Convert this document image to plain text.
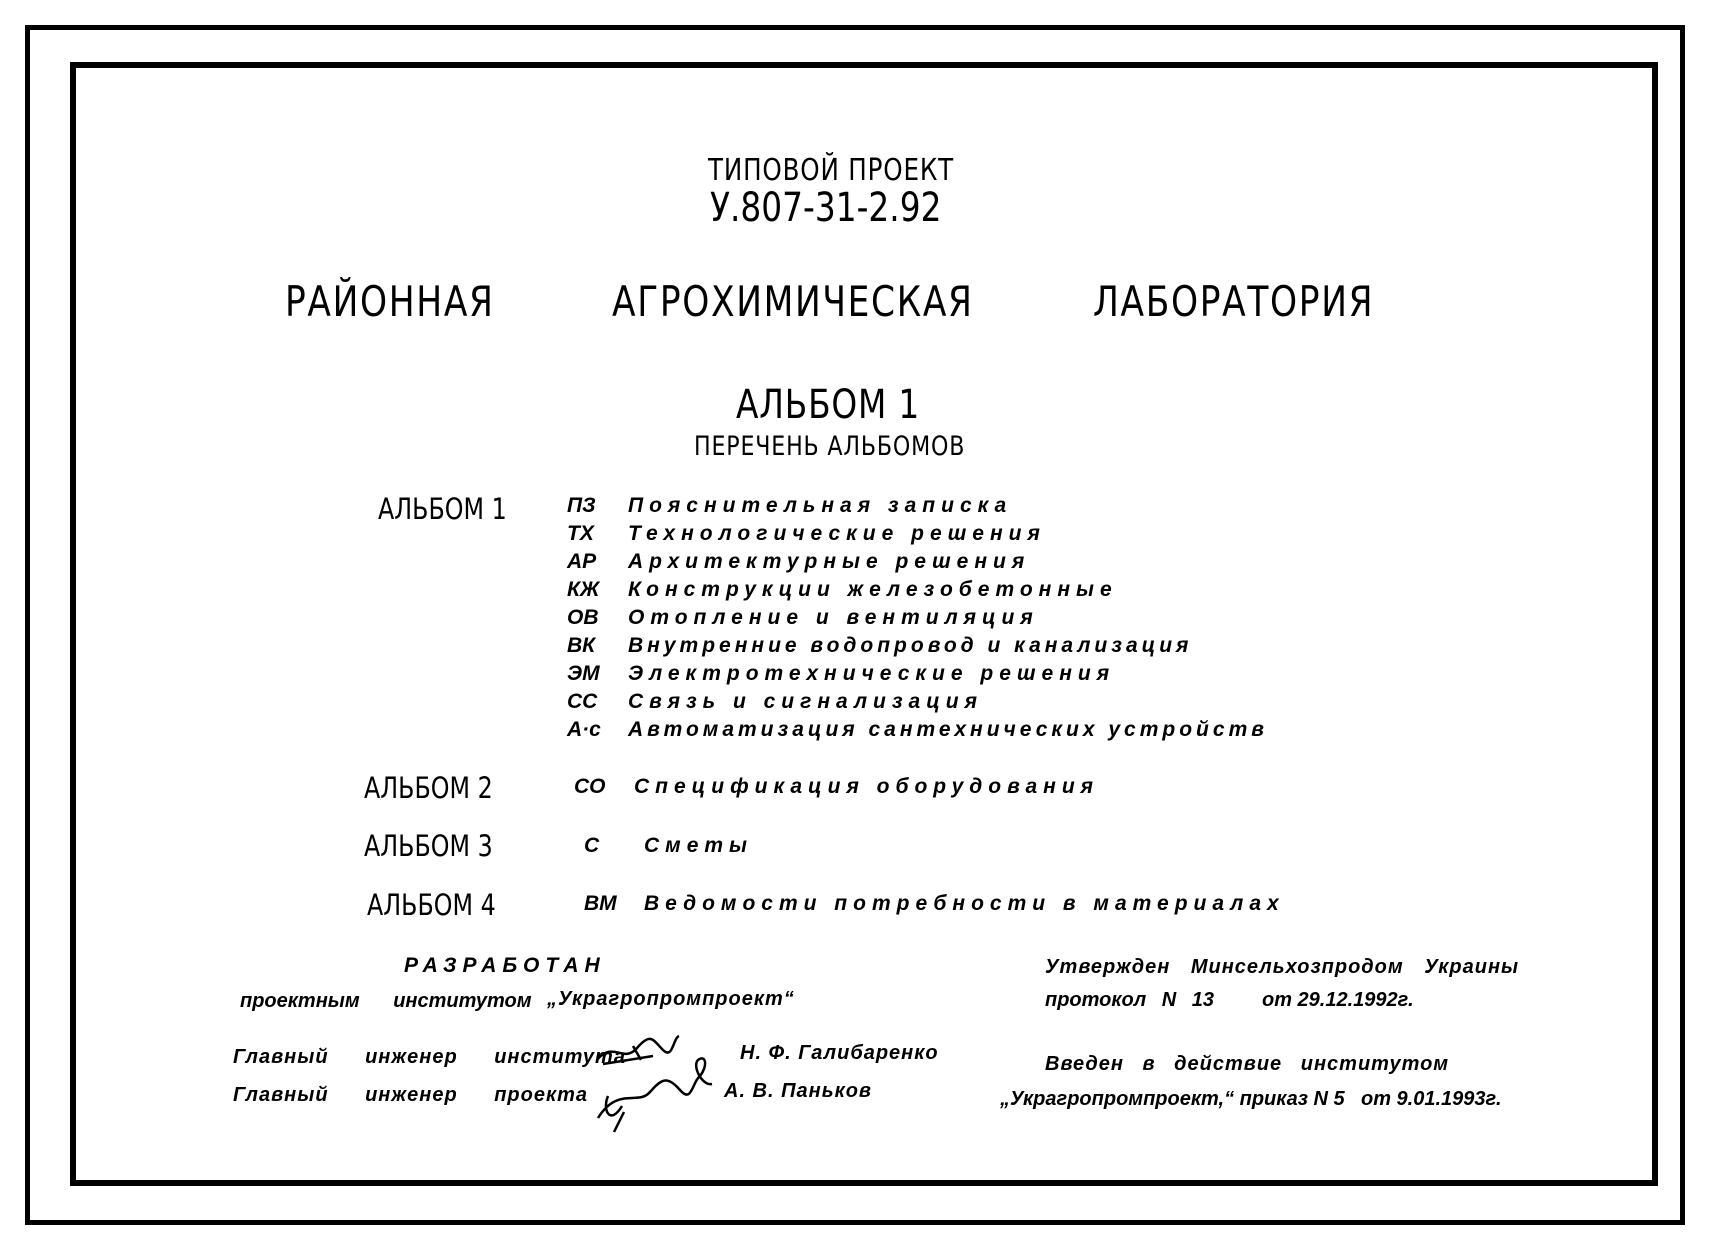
ТИПОВОЙ ПРОЕКТ
У.807-31-2.92
РАЙОННАЯ	АГРОХИМИЧЕСКАЯ	ЛАБОРАТОРИЯ
АЛЬБОМ 1
ПЕРЕЧЕНЬ АЛЬБОМОВ
АЛЬБОМ 1	ПЗ	Пояснительная записка
ТХ	Технологические решения
АР	Архитектурные решения
КЖ	Конструкции железобетонные
ОВ	Отопление и вентиляция
ВК	Внутренние водопровод и канализация
ЭМ	Электротехнические решения
СС	Связь и сигнализация
А·с	Автоматизация сантехнических устройств
АЛЬБОМ 2	СО	Спецификация оборудования
АЛЬБОМ 3	С	Сметы
АЛЬБОМ 4	ВМ	Ведомости потребности в материалах
РАЗРАБОТАН
проектным институтом „Украгропромпроект“
Главный инженер института	Н. Ф. Галибаренко
Главный инженер проекта	А. В. Паньков
Утвержден Минсельхозпродом Украины
протокол N 13 от 29.12.1992г.
Введен в действие институтом
„Украгропромпроект,“ приказ N 5 от 9.01.1993г.
